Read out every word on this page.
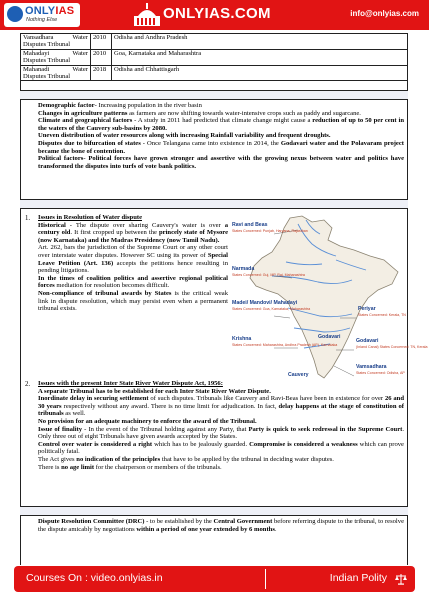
ONLYIAS
Nothing Else	ONLYIAS.COM	info@onlyias.com
Vansadhara Water Disputes Tribunal	2010	Odisha and Andhra Pradesh
Mahadayi Water Disputes Tribunal	2010	Goa, Karnataka and Maharashtra
Mahanadi Water Disputes Tribunal	2018	Odisha and Chhattisgarh

Demographic factor- Increasing population in the river basin

Changes in agriculture patterns as farmers are now shifting towards water-intensive crops such as paddy and sugarcane.

Climate and geographical factors - A study in 2011 had predicted that climate change might cause a reduction of up to 50 per cent in the waters of the Cauvery sub-basins by 2080.

Uneven distribution of water resources along with increasing Rainfall variability and frequent droughts.

Disputes due to bifurcation of states - Once Telangana came into existence in 2014, the Godavari water and the Polavaram project became the bone of contention.

Political factors- Political forces have grown stronger and assertive with the growing nexus between water and politics have transformed the disputes into turfs of vote bank politics.

1. Issues in Resolution of Water dispute

Historical - The dispute over sharing Cauvery's water is over a century old. It first cropped up between the princely state of Mysore (now Karnataka) and the Madras Presidency (now Tamil Nadu).

Art. 262, bars the jurisdiction of the Supreme Court or any other court over interstate water disputes. However SC using its power of Special Leave Petition (Art. 136) accepts the petitions hence resulting in pending litigations.

In the times of coalition politics and assertive regional political forces mediation for resolution becomes difficult.

Non-compliance of tribunal awards by States is the critical weak link in dispute resolution, which may persist even when a permanent tribunal exists.

Ravi and Beas
Narmada
Madei/ Mandovi/ Mahadayi
Krishna
Periyar
Godavari
Vamsadhara
Godavari
Cauvery
States Concerned: Punjab, Haryana, Rajasthan
States Concerned: Guj, MP, Raj, Maharashtra
States Concerned: Goa, Karnataka, Maharashtra
States Concerned: Maharashtra, Andhra Pradesh (AP), Karnataka
States Concerned: Kerala, TN
(Inland Canal) States Concerned: TN, Kerala
States Concerned: Odisha, AP
2. Issues with the present Inter State River Water Dispute Act, 1956:

A separate Tribunal has to be established for each Inter State River Water Dispute.

Inordinate delay in securing settlement of such disputes. Tribunals like Cauvery and Ravi-Beas have been in existence for over 26 and 30 years respectively without any award. There is no time limit for adjudication. In fact, delay happens at the stage of constitution of tribunals as well.

No provision for an adequate machinery to enforce the award of the Tribunal.

Issue of finality - In the event of the Tribunal holding against any Party, that Party is quick to seek redressal in the Supreme Court. Only three out of eight Tribunals have given awards accepted by the States.

Control over water is considered a right which has to be jealously guarded. Compromise is considered a weakness which can prove politically fatal.

The Act gives no indication of the principles that have to be applied by the tribunal in deciding water disputes.

There is no age limit for the chairperson or members of the tribunals.

Dispute Resolution Committee (DRC) - to be established by the Central Government before referring dispute to the tribunal, to resolve the dispute amicably by negotiations within a period of one year extended by 6 months.

Courses On : video.onlyias.in	Indian Polity
